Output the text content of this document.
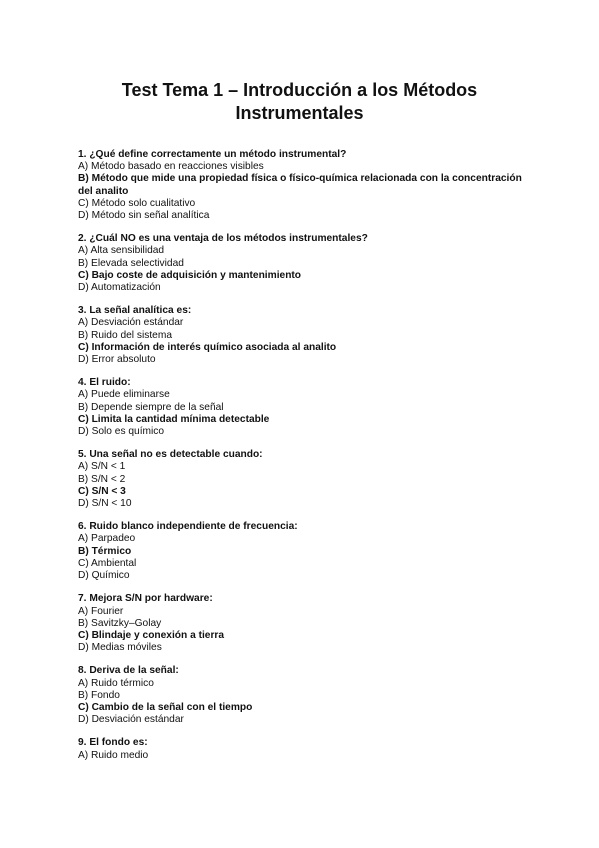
Test Tema 1 – Introducción a los Métodos
Instrumentales

1. ¿Qué define correctamente un método instrumental?

A) Método basado en reacciones visibles

B) Método que mide una propiedad física o físico-química relacionada con la concentración del analito

C) Método solo cualitativo

D) Método sin señal analítica

2. ¿Cuál NO es una ventaja de los métodos instrumentales?

A) Alta sensibilidad

B) Elevada selectividad

C) Bajo coste de adquisición y mantenimiento

D) Automatización

3. La señal analítica es:

A) Desviación estándar

B) Ruido del sistema

C) Información de interés químico asociada al analito

D) Error absoluto

4. El ruido:

A) Puede eliminarse

B) Depende siempre de la señal

C) Limita la cantidad mínima detectable

D) Solo es químico

5. Una señal no es detectable cuando:

A) S/N < 1

B) S/N < 2

C) S/N < 3

D) S/N < 10

6. Ruido blanco independiente de frecuencia:

A) Parpadeo

B) Térmico

C) Ambiental

D) Químico

7. Mejora S/N por hardware:

A) Fourier

B) Savitzky–Golay

C) Blindaje y conexión a tierra

D) Medias móviles

8. Deriva de la señal:

A) Ruido térmico

B) Fondo

C) Cambio de la señal con el tiempo

D) Desviación estándar

9. El fondo es:

A) Ruido medio
